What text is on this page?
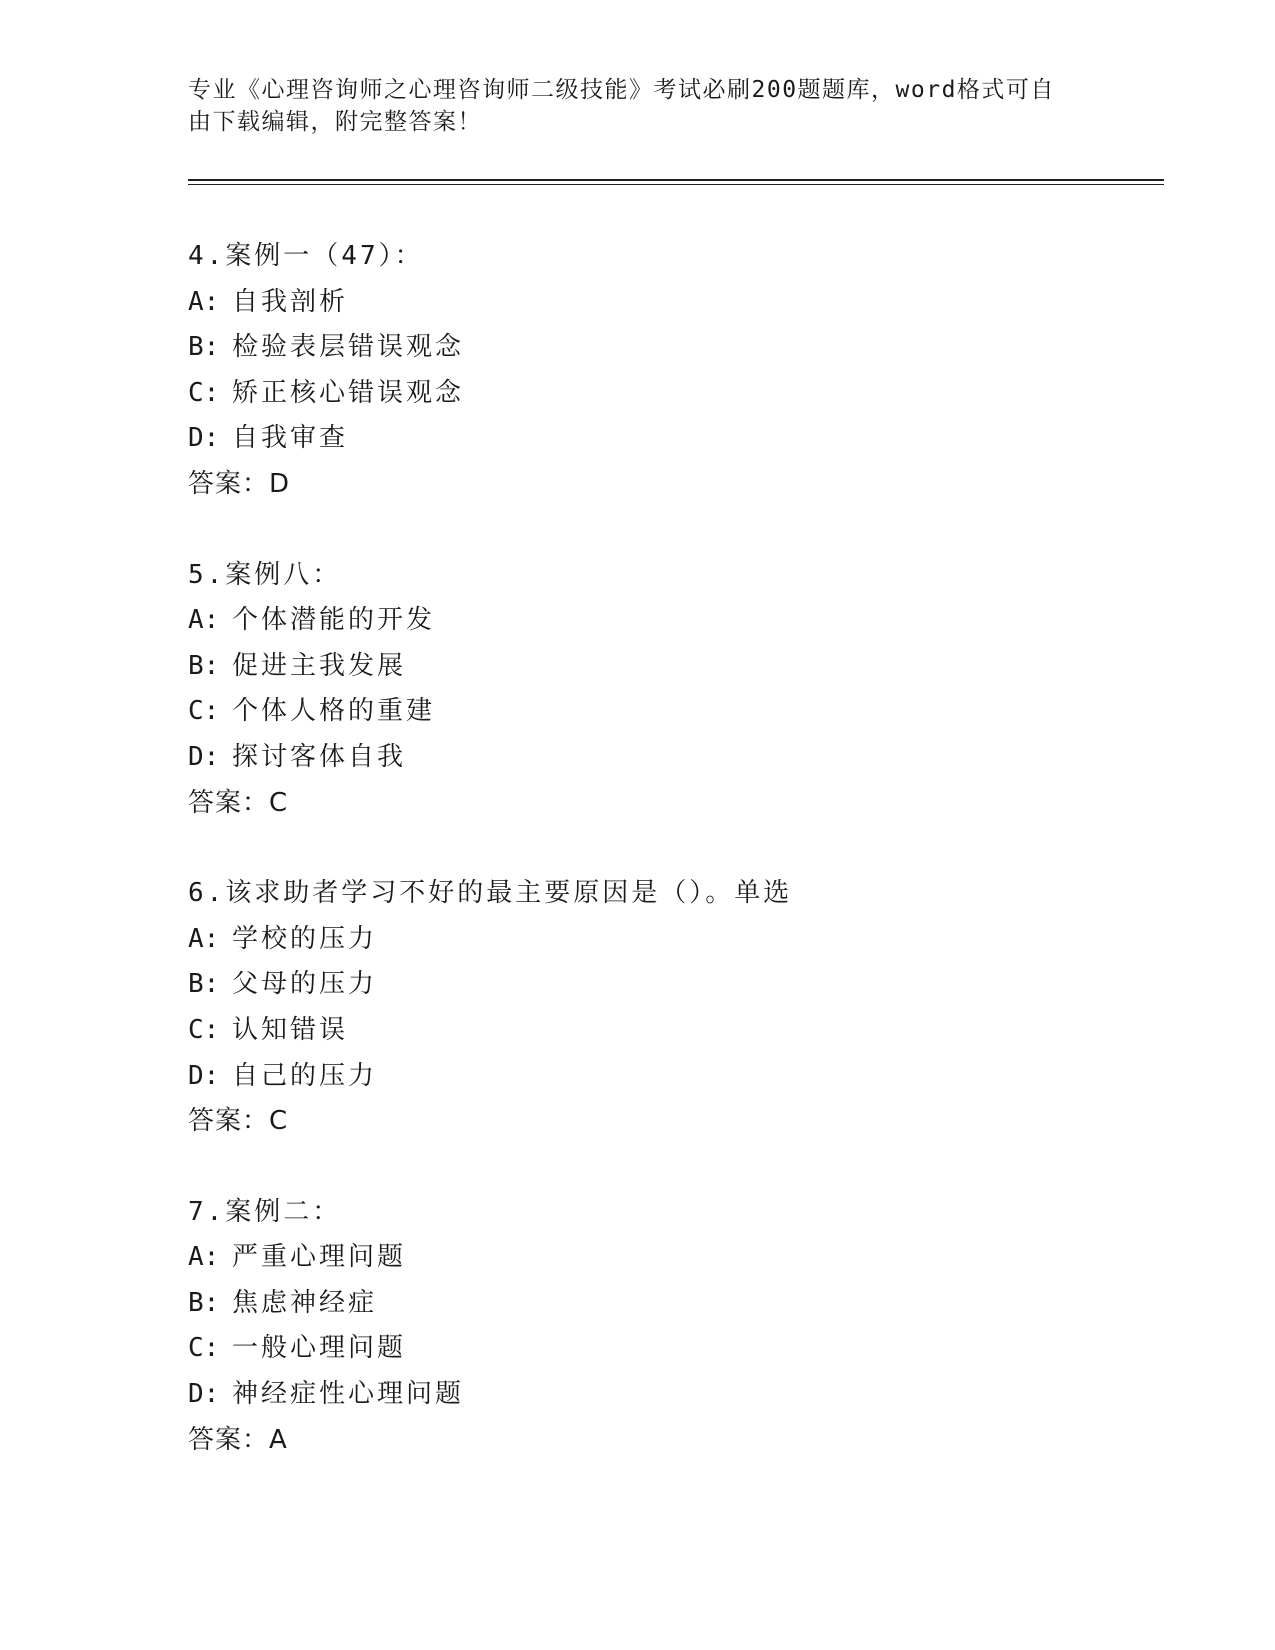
专业《心理咨询师之心理咨询师二级技能》考试必刷200题题库，word格式可自由下载编辑，附完整答案！
4.案例一（47）：
A: 自我剖析
B: 检验表层错误观念
C: 矫正核心错误观念
D: 自我审查
答案：D
5.案例八：
A: 个体潜能的开发
B: 促进主我发展
C: 个体人格的重建
D: 探讨客体自我
答案：C
6.该求助者学习不好的最主要原因是（）。单选
A: 学校的压力
B: 父母的压力
C: 认知错误
D: 自己的压力
答案：C
7.案例二：
A: 严重心理问题
B: 焦虑神经症
C: 一般心理问题
D: 神经症性心理问题
答案：A
